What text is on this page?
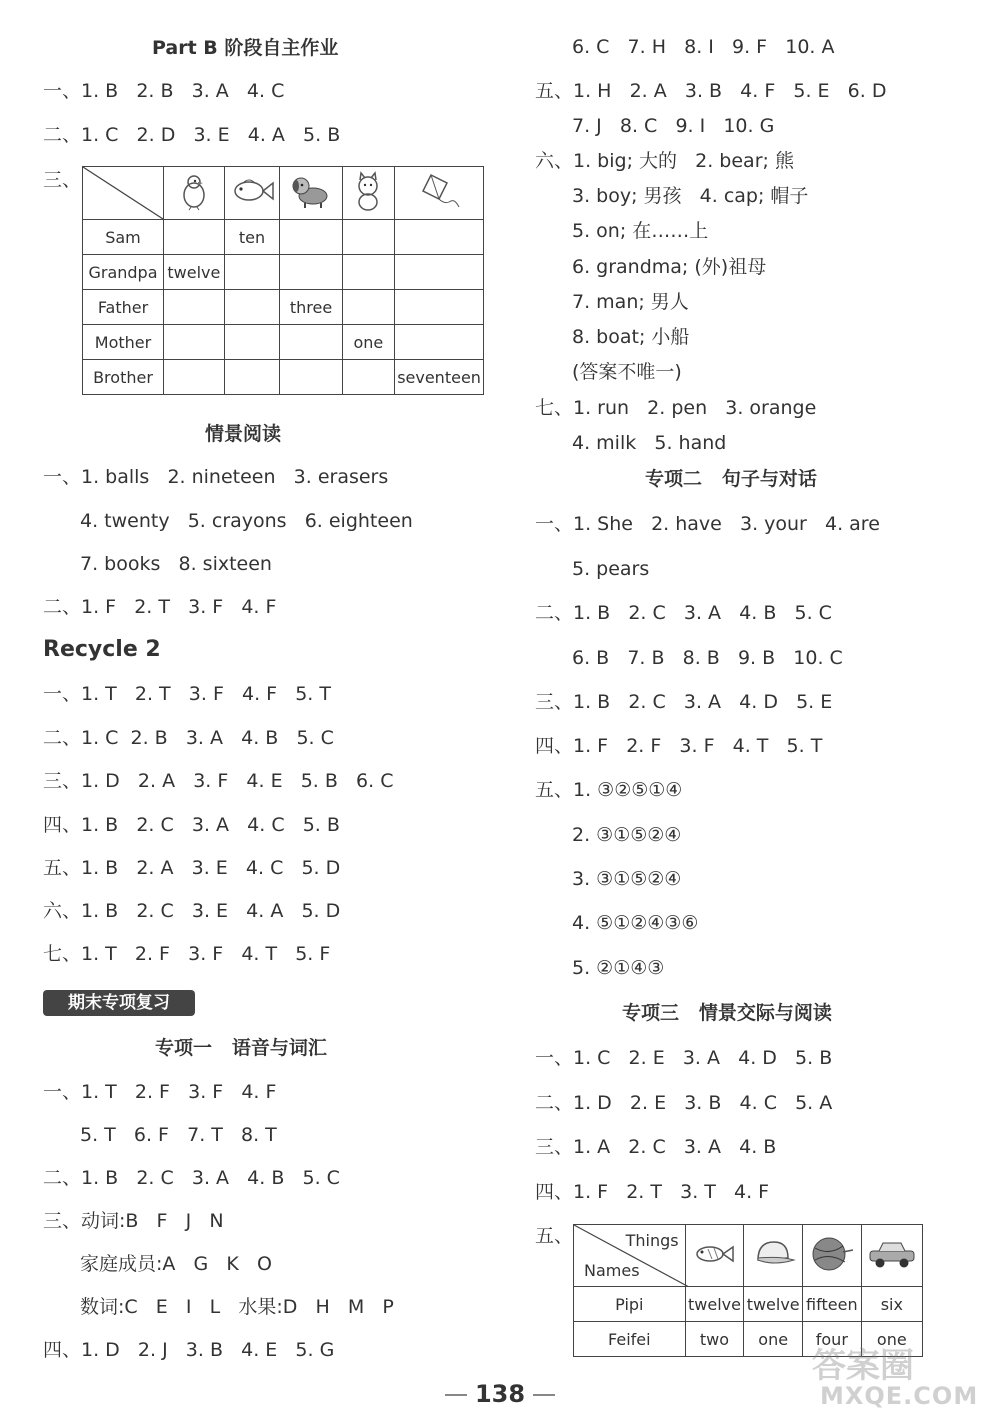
Part B 阶段自主作业
一、1. B   2. B   3. A   4. C
二、1. C   2. D   3. E   4. A   5. B
三、

Sam		ten			
Grandpa	twelve				
Father			three		
Mother				one	
Brother					seventeen
情景阅读
一、1. balls   2. nineteen   3. erasers
4. twenty   5. crayons   6. eighteen
7. books   8. sixteen
二、1. F   2. T   3. F   4. F
Recycle 2
一、1. T   2. T   3. F   4. F   5. T
二、1. C  2. B   3. A   4. B   5. C
三、1. D   2. A   3. F   4. E   5. B   6. C
四、1. B   2. C   3. A   4. C   5. B
五、1. B   2. A   3. E   4. C   5. D
六、1. B   2. C   3. E   4. A   5. D
七、1. T   2. F   3. F   4. T   5. F
期末专项复习
专项一   语音与词汇
一、1. T   2. F   3. F   4. F
5. T   6. F   7. T   8. T
二、1. B   2. C   3. A   4. B   5. C
三、动词:B   F   J   N
家庭成员:A   G   K   O
数词:C   E   I   L   水果:D   H   M   P
四、1. D   2. J   3. B   4. E   5. G
6. C   7. H   8. I   9. F   10. A
五、1. H   2. A   3. B   4. F   5. E   6. D
7. J   8. C   9. I   10. G
六、1. big; 大的   2. bear; 熊
3. boy; 男孩   4. cap; 帽子
5. on; 在……上
6. grandma; (外)祖母
7. man; 男人
8. boat; 小船
(答案不唯一)
七、1. run   2. pen   3. orange
4. milk   5. hand
专项二   句子与对话
一、1. She   2. have   3. your   4. are
5. pears
二、1. B   2. C   3. A   4. B   5. C
6. B   7. B   8. B   9. B   10. C
三、1. B   2. C   3. A   4. D   5. E
四、1. F   2. F   3. F   4. T   5. T
五、1. ③②⑤①④
2. ③①⑤②④
3. ③①⑤②④
4. ⑤①②④③⑥
5. ②①④③
专项三   情景交际与阅读
一、1. C   2. E   3. A   4. D   5. B
二、1. D   2. E   3. B   4. C   5. A
三、1. A   2. C   3. A   4. B
四、1. F   2. T   3. T   4. F
五、	Things
Names

Pipi	twelve	twelve	fifteen	six
Feifei	two	one	four	one
138
答案圈
MXQE.COM
